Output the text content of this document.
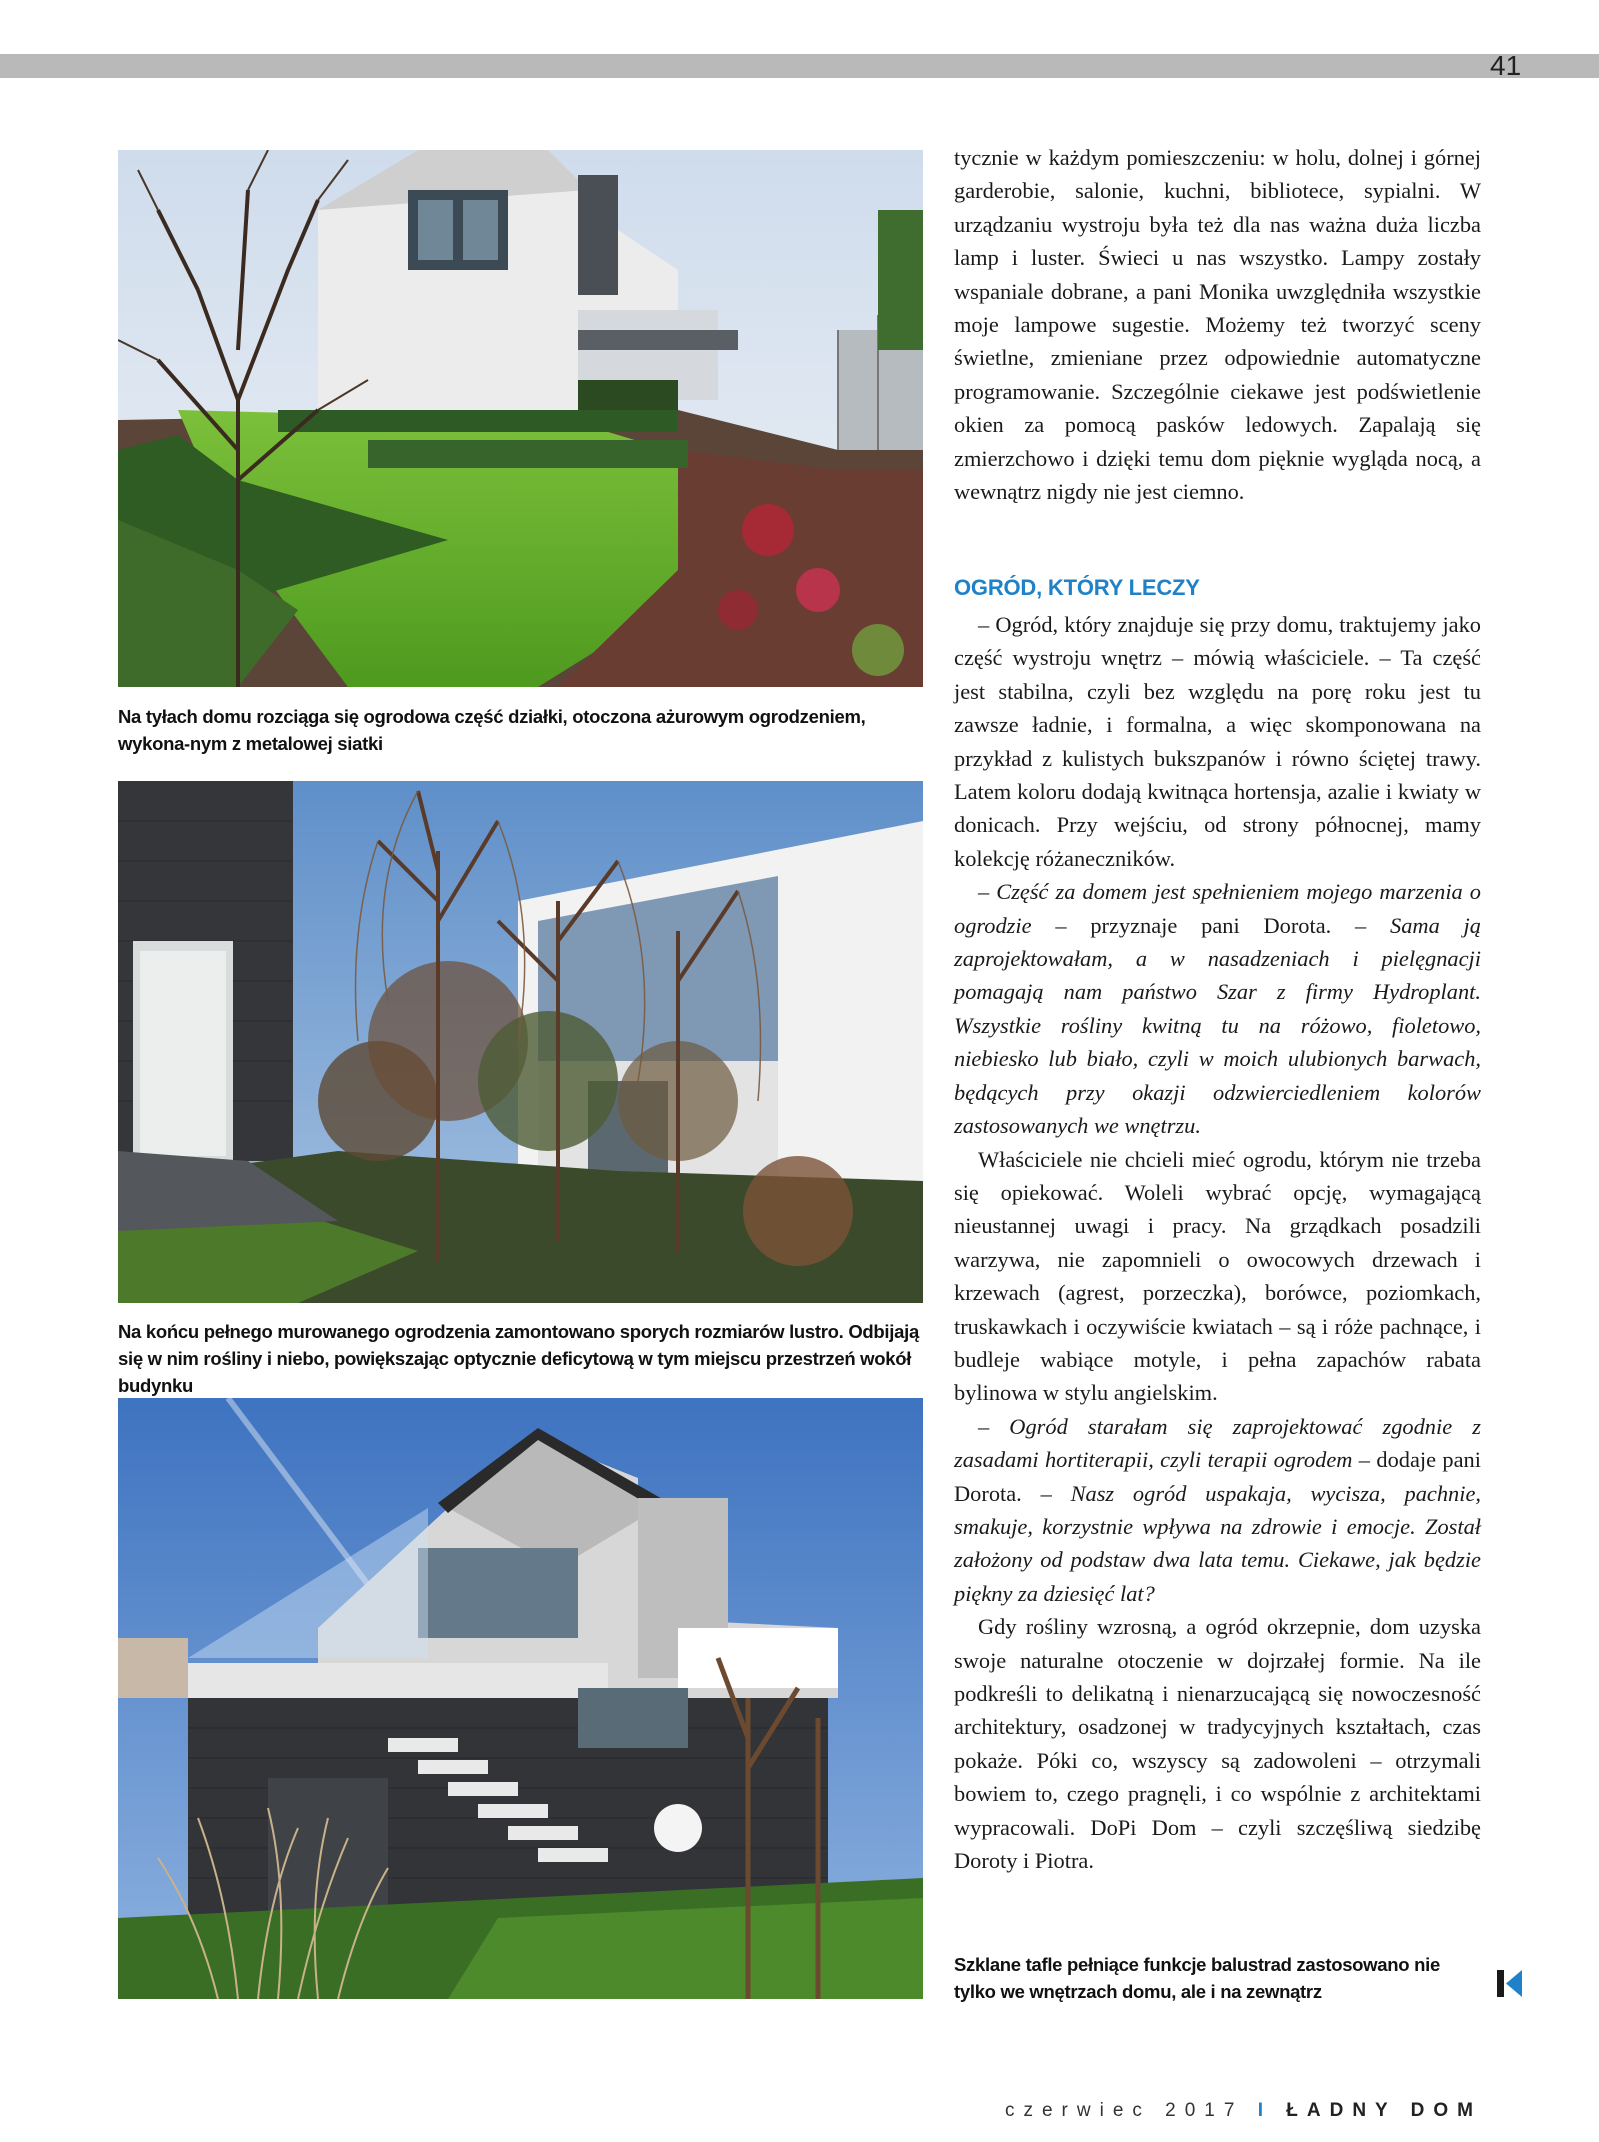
41
Na tyłach domu rozciąga się ogrodowa część działki, otoczona ażurowym ogrodzeniem, wykona-nym z metalowej siatki
Na końcu pełnego murowanego ogrodzenia zamontowano sporych rozmiarów lustro. Odbijają się w nim rośliny i niebo, powiększając optycznie deficytową w tym miejscu przestrzeń wokół budynku
Szklane tafle pełniące funkcje balustrad zastosowano nie tylko we wnętrzach domu, ale i na zewnątrz

tycznie w każdym pomieszczeniu: w holu, dolnej i górnej garderobie, salonie, kuchni, bibliotece, sypialni. W urządzaniu wystroju była też dla nas ważna duża liczba lamp i luster. Świeci u nas wszystko. Lampy zostały wspaniale dobrane, a pani Monika uwzględniła wszystkie moje lampowe sugestie. Możemy też tworzyć sceny świetlne, zmieniane przez odpowiednie automatyczne programowanie. Szczególnie ciekawe jest podświetlenie okien za pomocą pasków ledowych. Zapalają się zmierzchowo i dzięki temu dom pięknie wygląda nocą, a wewnątrz nigdy nie jest ciemno.

OGRÓD, KTÓRY LECZY

– Ogród, który znajduje się przy domu, traktujemy jako część wystroju wnętrz – mówią właściciele. – Ta część jest stabilna, czyli bez względu na porę roku jest tu zawsze ładnie, i formalna, a więc skomponowana na przykład z kulistych bukszpanów i równo ściętej trawy. Latem koloru dodają kwitnąca hortensja, azalie i kwiaty w donicach. Przy wejściu, od strony północnej, mamy kolekcję różaneczników.

– Część za domem jest spełnieniem mojego marzenia o ogrodzie – przyznaje pani Dorota. – Sama ją zaprojektowałam, a w nasadzeniach i pielęgnacji pomagają nam państwo Szar z firmy Hydroplant. Wszystkie rośliny kwitną tu na różowo, fioletowo, niebiesko lub biało, czyli w moich ulubionych barwach, będących przy okazji odzwierciedleniem kolorów zastosowanych we wnętrzu.

Właściciele nie chcieli mieć ogrodu, którym nie trzeba się opiekować. Woleli wybrać opcję, wymagającą nieustannej uwagi i pracy. Na grządkach posadzili warzywa, nie zapomnieli o owocowych drzewach i krzewach (agrest, porzeczka), borówce, poziomkach, truskawkach i oczywiście kwiatach – są i róże pachnące, i budleje wabiące motyle, i pełna zapachów rabata bylinowa w stylu angielskim.

– Ogród starałam się zaprojektować zgodnie z zasadami hortiterapii, czyli terapii ogrodem – dodaje pani Dorota. – Nasz ogród uspakaja, wycisza, pachnie, smakuje, korzystnie wpływa na zdrowie i emocje. Został założony od podstaw dwa lata temu. Ciekawe, jak będzie piękny za dziesięć lat?

Gdy rośliny wzrosną, a ogród okrzepnie, dom uzyska swoje naturalne otoczenie w dojrzałej formie. Na ile podkreśli to delikatną i nienarzucającą się nowoczesność architektury, osadzonej w tradycyjnych kształtach, czas pokaże. Póki co, wszyscy są zadowoleni – otrzymali bowiem to, czego pragnęli, i co wspólnie z architektami wypracowali. DoPi Dom – czyli szczęśliwą siedzibę Doroty i Piotra.

czerwiec 2017 I ŁADNY DOM
